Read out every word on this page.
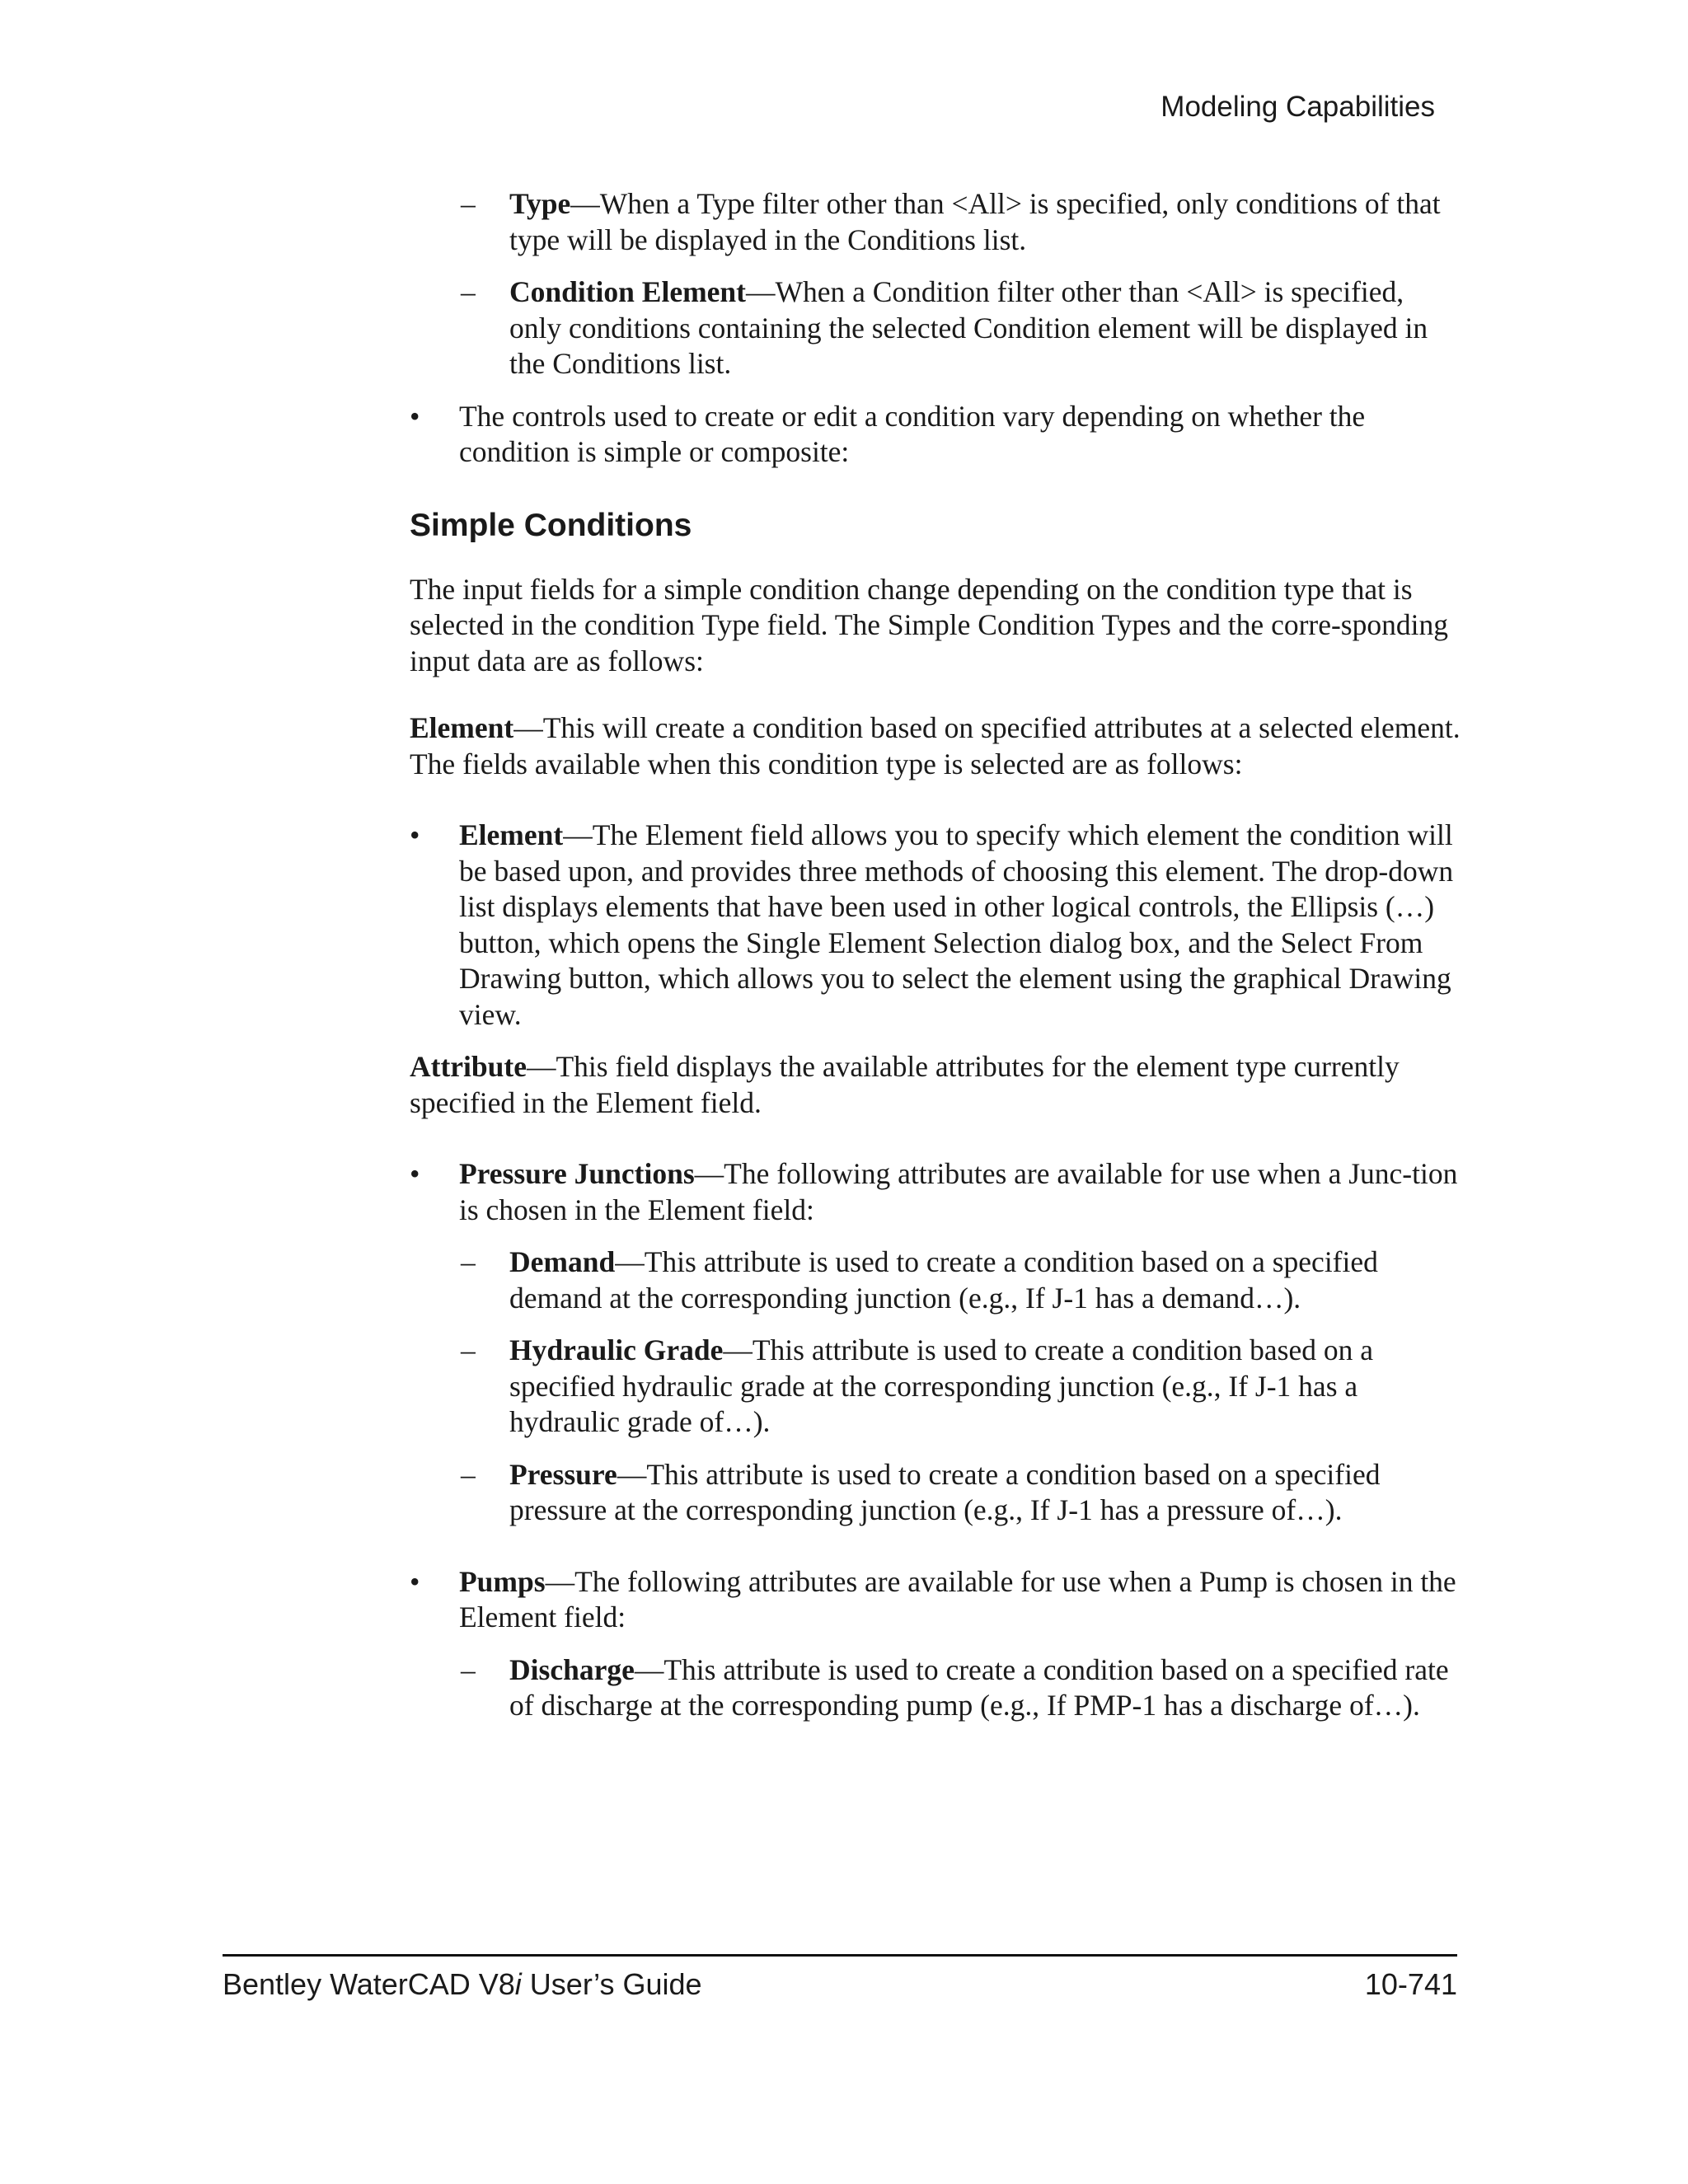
Modeling Capabilities
– Type—When a Type filter other than <All> is specified, only conditions of that type will be displayed in the Conditions list.
– Condition Element—When a Condition filter other than <All> is specified, only conditions containing the selected Condition element will be displayed in the Conditions list.
• The controls used to create or edit a condition vary depending on whether the condition is simple or composite:
Simple Conditions
The input fields for a simple condition change depending on the condition type that is selected in the condition Type field. The Simple Condition Types and the corre-sponding input data are as follows:
Element—This will create a condition based on specified attributes at a selected element. The fields available when this condition type is selected are as follows:
• Element—The Element field allows you to specify which element the condition will be based upon, and provides three methods of choosing this element. The drop-down list displays elements that have been used in other logical controls, the Ellipsis (…) button, which opens the Single Element Selection dialog box, and the Select From Drawing button, which allows you to select the element using the graphical Drawing view.
Attribute—This field displays the available attributes for the element type currently specified in the Element field.
• Pressure Junctions—The following attributes are available for use when a Junc-tion is chosen in the Element field:
– Demand—This attribute is used to create a condition based on a specified demand at the corresponding junction (e.g., If J-1 has a demand…).
– Hydraulic Grade—This attribute is used to create a condition based on a specified hydraulic grade at the corresponding junction (e.g., If J-1 has a hydraulic grade of…).
– Pressure—This attribute is used to create a condition based on a specified pressure at the corresponding junction (e.g., If J-1 has a pressure of…).
• Pumps—The following attributes are available for use when a Pump is chosen in the Element field:
– Discharge—This attribute is used to create a condition based on a specified rate of discharge at the corresponding pump (e.g., If PMP-1 has a discharge of…).
Bentley WaterCAD V8i User’s Guide	10-741
